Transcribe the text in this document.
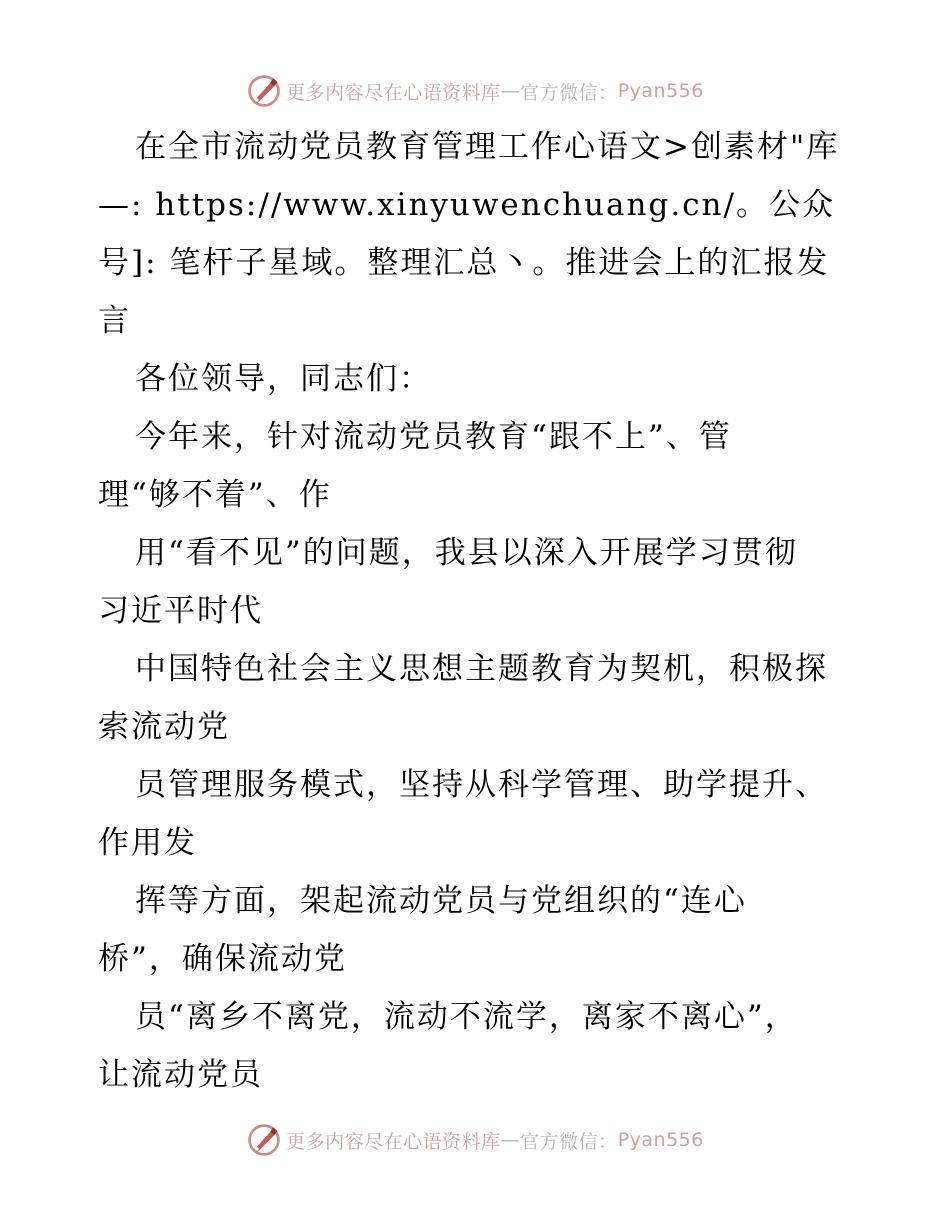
更多内容尽在心语资料库 — 官方微信： Pyan556
在全市流动党员教育管理工作心语文>创素材"库
—: https://www.xinyuwenchuang.cn/。公众
号]: 笔杆子星域。整理汇总丶。推进会上的汇报发
言
各位领导，同志们：
今年来，针对流动党员教育“跟不上”、管
理“够不着”、作
用“看不见”的问题，我县以深入开展学习贯彻
习近平时代
中国特色社会主义思想主题教育为契机，积极探
索流动党
员管理服务模式，坚持从科学管理、助学提升、
作用发
挥等方面，架起流动党员与党组织的“连心
桥”，确保流动党
员“离乡不离党，流动不流学，离家不离心”，
让流动党员
更多内容尽在心语资料库 — 官方微信： Pyan556
